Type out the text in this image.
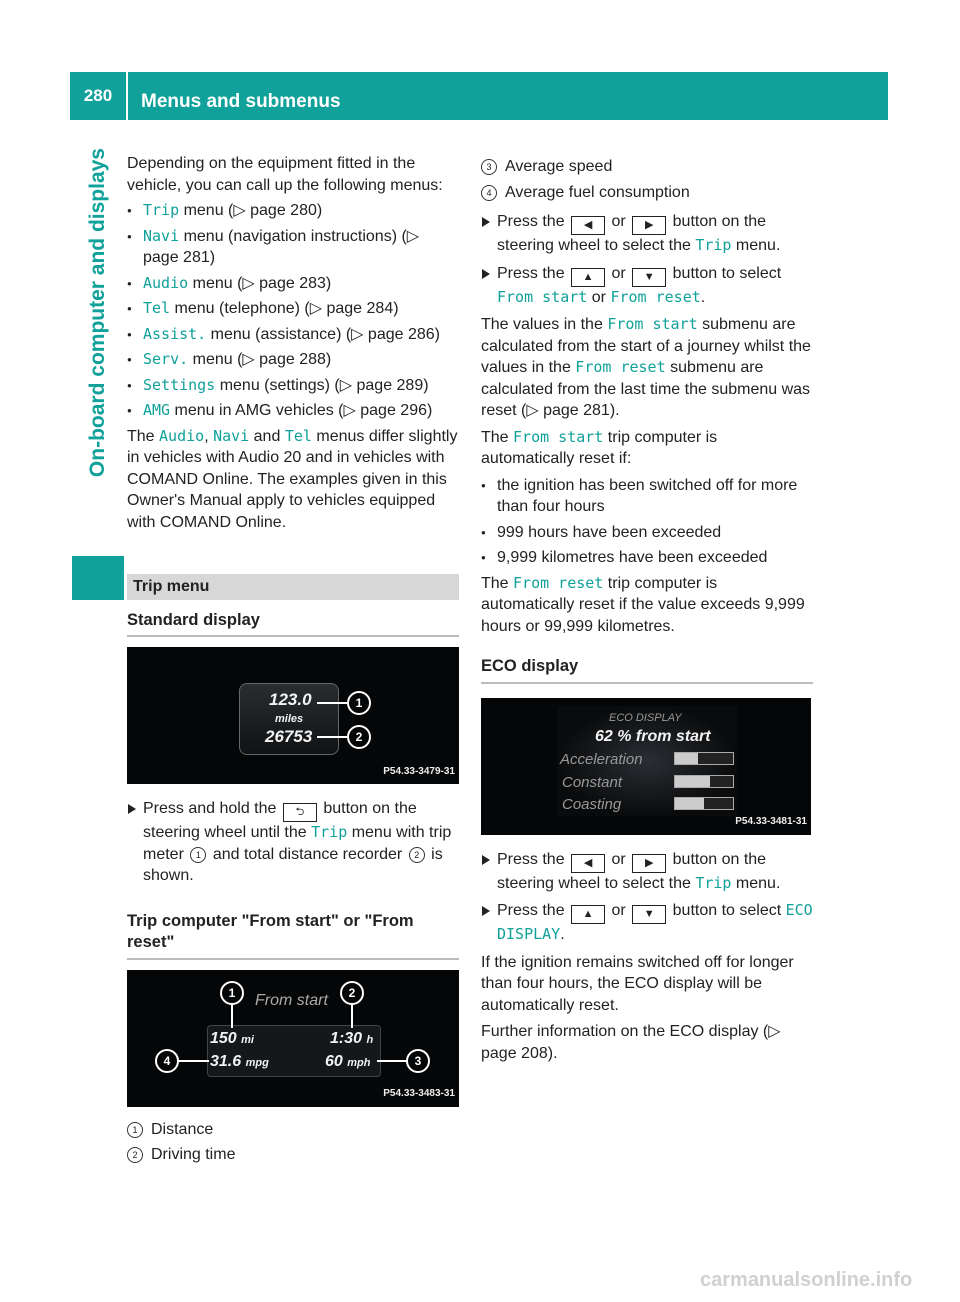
280	Menus and submenus
On-board computer and displays	Depending on the equipment fitted in the vehicle, you can call up the following menus:

● Trip menu (▷ page 280)
● Navi menu (navigation instructions) (▷ page 281)
● Audio menu (▷ page 283)
● Tel menu (telephone) (▷ page 284)
● Assist. menu (assistance) (▷ page 286)
● Serv. menu (▷ page 288)
● Settings menu (settings) (▷ page 289)
● AMG menu in AMG vehicles (▷ page 296)

The Audio, Navi and Tel menus differ slightly in vehicles with Audio 20 and in vehicles with COMAND Online. The examples given in this Owner's Manual apply to vehicles equipped with COMAND Online.

Trip menu
Standard display
123.0
miles
26753
1
2
P54.33-3479-31
Press and hold the ⮌ button on the steering wheel until the Trip menu with trip meter 1 and total distance recorder 2 is shown.
Trip computer "From start" or "From reset"
From start
150 mi	1:30 h
31.6 mpg	60 mph
1	2
4	3
P54.33-3483-31

1 Distance

2 Driving time

3 Average speed

4 Average fuel consumption

Press the ◀ or ▶ button on the steering wheel to select the Trip menu.
Press the ▲ or ▼ button to select From start or From reset.

The values in the From start submenu are calculated from the start of a journey whilst the values in the From reset submenu are calculated from the last time the submenu was reset (▷ page 281).

The From start trip computer is automatically reset if:

● the ignition has been switched off for more than four hours
● 999 hours have been exceeded
● 9,999 kilometres have been exceeded

The From reset trip computer is automatically reset if the value exceeds 9,999 hours or 99,999 kilometres.

ECO display
ECO DISPLAY
62 % from start
Acceleration
Constant
Coasting
P54.33-3481-31
Press the ◀ or ▶ button on the steering wheel to select the Trip menu.
Press the ▲ or ▼ button to select ECO DISPLAY.

If the ignition remains switched off for longer than four hours, the ECO display will be automatically reset.

Further information on the ECO display (▷ page 208).

carmanualsonline.info
